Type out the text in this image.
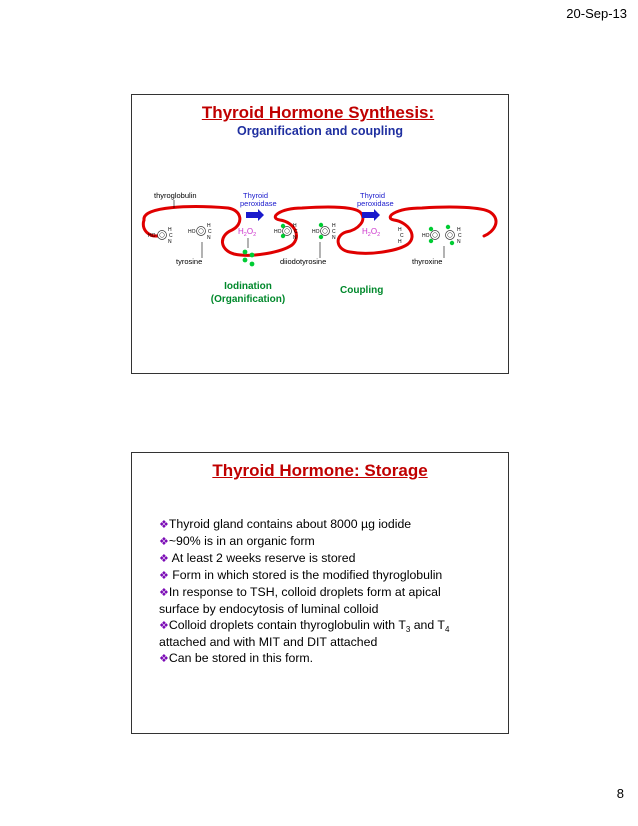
20-Sep-13
Thyroid Hormone Synthesis:
Organification and coupling
thyroglobulin	Thyroid
peroxidase
Thyroid
peroxidase
$H_2O_2$	$H_2O_2$
HO	C
H
N
HO	C
H
N
tyrosine
HO	C
H
N
HO	C
H
N
diiodotyrosine
H
C
H
HO	C
H
N
thyroxine
Iodination
(Organification)
Coupling
Thyroid Hormone: Storage
❖Thyroid gland contains about 8000 µg iodide
❖~90% is in an organic form
❖ At least 2 weeks reserve is stored
❖ Form in which stored is the modified thyroglobulin
❖In response to TSH, colloid droplets form at apical
surface by endocytosis of luminal colloid
❖Colloid droplets contain thyroglobulin with $T_3$ and $T_4$
attached and with MIT and DIT attached
❖Can be stored in this form.
8
